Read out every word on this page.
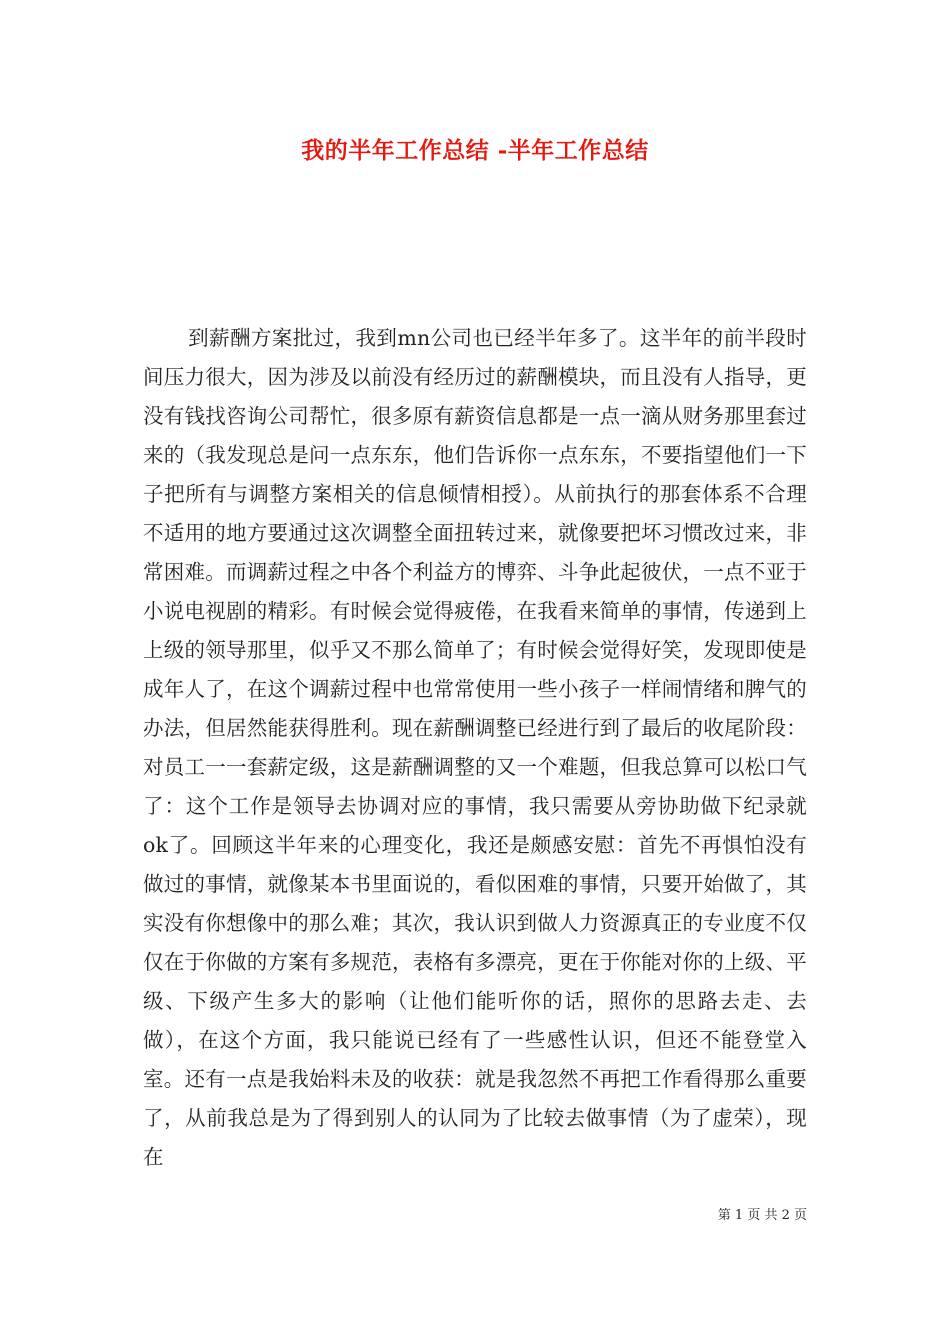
我的半年工作总结 -半年工作总结

到薪酬方案批过，我到mn公司也已经半年多了。这半年的前半段时间压力很大，因为涉及以前没有经历过的薪酬模块，而且没有人指导，更没有钱找咨询公司帮忙，很多原有薪资信息都是一点一滴从财务那里套过来的（我发现总是问一点东东，他们告诉你一点东东，不要指望他们一下子把所有与调整方案相关的信息倾情相授）。从前执行的那套体系不合理不适用的地方要通过这次调整全面扭转过来，就像要把坏习惯改过来，非常困难。而调薪过程之中各个利益方的博弈、斗争此起彼伏，一点不亚于小说电视剧的精彩。有时候会觉得疲倦，在我看来简单的事情，传递到上上级的领导那里，似乎又不那么简单了；有时候会觉得好笑，发现即使是成年人了，在这个调薪过程中也常常使用一些小孩子一样闹情绪和脾气的办法，但居然能获得胜利。现在薪酬调整已经进行到了最后的收尾阶段：对员工一一套薪定级，这是薪酬调整的又一个难题，但我总算可以松口气了：这个工作是领导去协调对应的事情，我只需要从旁协助做下纪录就ok了。回顾这半年来的心理变化，我还是颇感安慰：首先不再惧怕没有做过的事情，就像某本书里面说的，看似困难的事情，只要开始做了，其实没有你想像中的那么难；其次，我认识到做人力资源真正的专业度不仅仅在于你做的方案有多规范，表格有多漂亮，更在于你能对你的上级、平级、下级产生多大的影响（让他们能听你的话，照你的思路去走、去做），在这个方面，我只能说已经有了一些感性认识，但还不能登堂入室。还有一点是我始料未及的收获：就是我忽然不再把工作看得那么重要了，从前我总是为了得到别人的认同为了比较去做事情（为了虚荣），现在

第 1 页 共 2 页
